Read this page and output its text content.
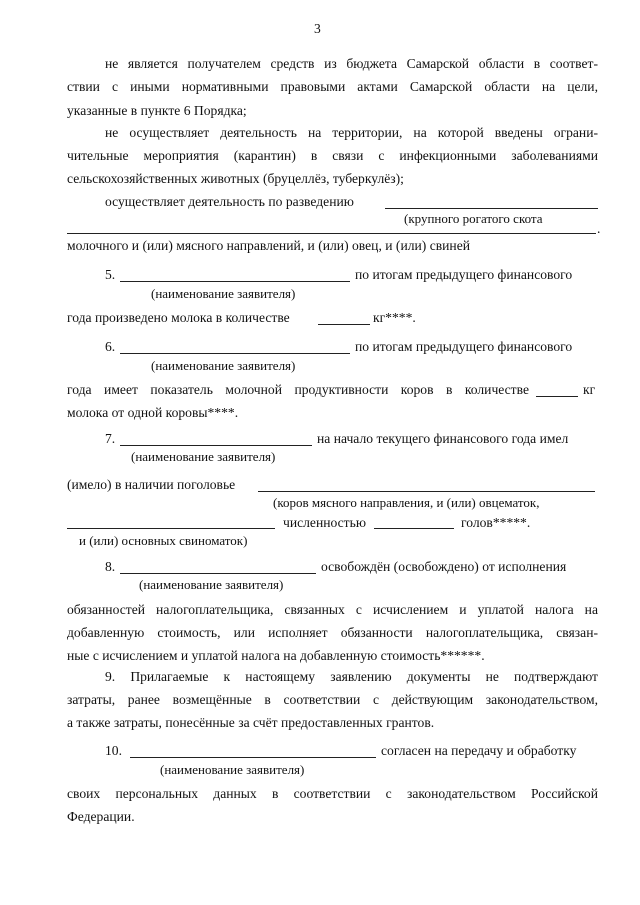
3
не является получателем средств из бюджета Самарской области в соответ-
ствии с иными нормативными правовыми актами Самарской области на цели,
указанные в пункте 6 Порядка;
не осуществляет деятельность на территории, на которой введены ограни-
чительные мероприятия (карантин) в связи с инфекционными заболеваниями
сельскохозяйственных животных (бруцеллёз, туберкулёз);
осуществляет деятельность по разведению
(крупного рогатого скота
.
молочного и (или) мясного направлений, и (или) овец, и (или) свиней
5.	по итогам предыдущего финансового
(наименование заявителя)
года произведено молока в количестве	кг****.
6.	по итогам предыдущего финансового
(наименование заявителя)
года имеет показатель молочной продуктивности коров в количестве	кг
молока от одной коровы****.
7.	на начало текущего финансового года имел
(наименование заявителя)
(имело) в наличии поголовье
(коров мясного направления, и (или) овцематок,
численностью	голов*****.
и (или) основных свиноматок)
8.	освобождён (освобождено) от исполнения
(наименование заявителя)
обязанностей налогоплательщика, связанных с исчислением и уплатой налога на
добавленную стоимость, или исполняет обязанности налогоплательщика, связан-
ные с исчислением и уплатой налога на добавленную стоимость******.
9. Прилагаемые к настоящему заявлению документы не подтверждают
затраты, ранее возмещённые в соответствии с действующим законодательством,
а также затраты, понесённые за счёт предоставленных грантов.
10.	согласен на передачу и обработку
(наименование заявителя)
своих персональных данных в соответствии с законодательством Российской
Федерации.
